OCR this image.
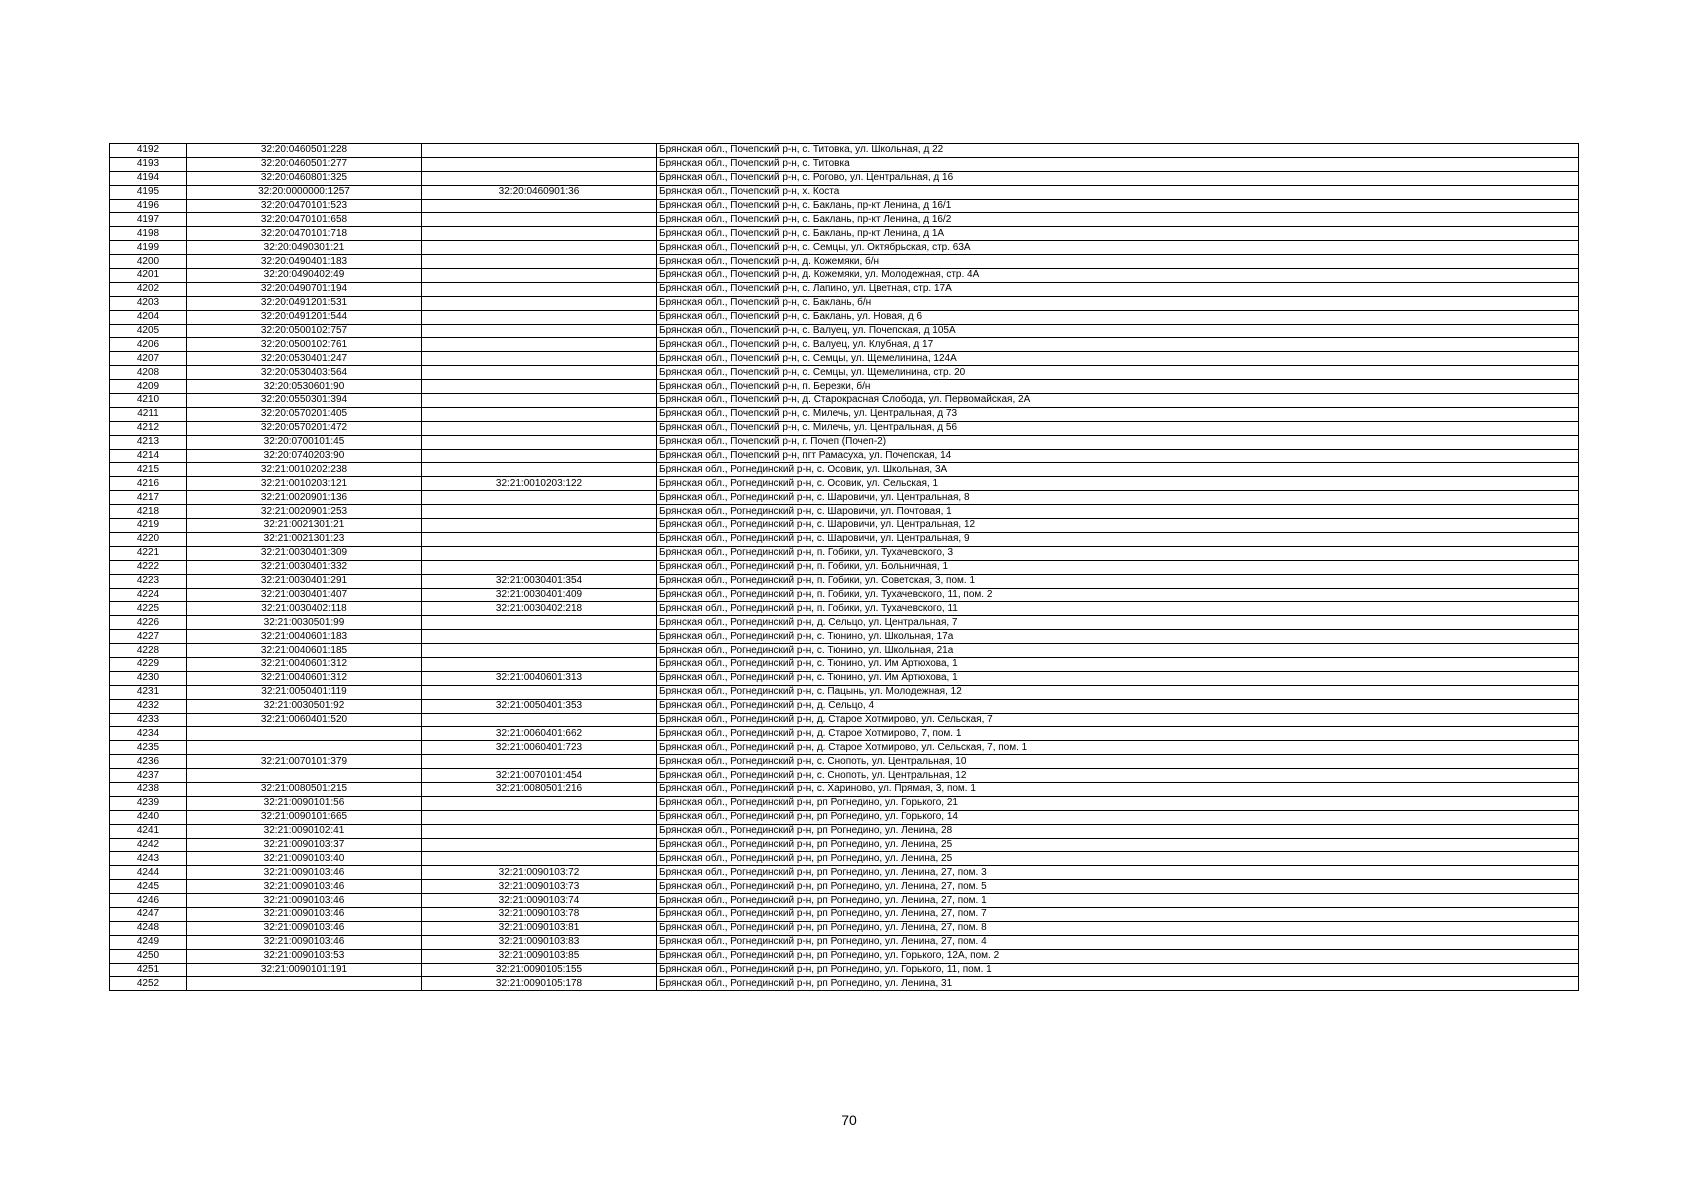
4192	32:20:0460501:228		Брянская обл., Почепский р-н, с. Титовка, ул. Школьная, д 22
4193	32:20:0460501:277		Брянская обл., Почепский р-н, с. Титовка
4194	32:20:0460801:325		Брянская обл., Почепский р-н, с. Рогово, ул. Центральная, д 16
4195	32:20:0000000:1257	32:20:0460901:36	Брянская обл., Почепский р-н, х. Коста
4196	32:20:0470101:523		Брянская обл., Почепский р-н, с. Баклань, пр-кт Ленина, д 16/1
4197	32:20:0470101:658		Брянская обл., Почепский р-н, с. Баклань, пр-кт Ленина, д 16/2
4198	32:20:0470101:718		Брянская обл., Почепский р-н, с. Баклань, пр-кт Ленина, д 1А
4199	32:20:0490301:21		Брянская обл., Почепский р-н, с. Семцы, ул. Октябрьская, стр. 63А
4200	32:20:0490401:183		Брянская обл., Почепский р-н, д. Кожемяки, б/н
4201	32:20:0490402:49		Брянская обл., Почепский р-н, д. Кожемяки, ул. Молодежная, стр. 4А
4202	32:20:0490701:194		Брянская обл., Почепский р-н, с. Лапино, ул. Цветная, стр. 17А
4203	32:20:0491201:531		Брянская обл., Почепский р-н, с. Баклань, б/н
4204	32:20:0491201:544		Брянская обл., Почепский р-н, с. Баклань, ул. Новая, д 6
4205	32:20:0500102:757		Брянская обл., Почепский р-н, с. Валуец, ул. Почепская, д 105А
4206	32:20:0500102:761		Брянская обл., Почепский р-н, с. Валуец, ул. Клубная, д 17
4207	32:20:0530401:247		Брянская обл., Почепский р-н, с. Семцы, ул. Щемелинина, 124А
4208	32:20:0530403:564		Брянская обл., Почепский р-н, с. Семцы, ул. Щемелинина, стр. 20
4209	32:20:0530601:90		Брянская обл., Почепский р-н, п. Березки, б/н
4210	32:20:0550301:394		Брянская обл., Почепский р-н, д. Старокрасная Слобода, ул. Первомайская, 2А
4211	32:20:0570201:405		Брянская обл., Почепский р-н, с. Милечь, ул. Центральная, д 73
4212	32:20:0570201:472		Брянская обл., Почепский р-н, с. Милечь, ул. Центральная, д 56
4213	32:20:0700101:45		Брянская обл., Почепский р-н, г. Почеп (Почеп-2)
4214	32:20:0740203:90		Брянская обл., Почепский р-н, пгт Рамасуха, ул. Почепская, 14
4215	32:21:0010202:238		Брянская обл., Рогнединский р-н, с. Осовик, ул. Школьная, 3А
4216	32:21:0010203:121	32:21:0010203:122	Брянская обл., Рогнединский р-н, с. Осовик, ул. Сельская, 1
4217	32:21:0020901:136		Брянская обл., Рогнединский р-н, с. Шаровичи, ул. Центральная, 8
4218	32:21:0020901:253		Брянская обл., Рогнединский р-н, с. Шаровичи, ул. Почтовая, 1
4219	32:21:0021301:21		Брянская обл., Рогнединский р-н, с. Шаровичи, ул. Центральная, 12
4220	32:21:0021301:23		Брянская обл., Рогнединский р-н, с. Шаровичи, ул. Центральная, 9
4221	32:21:0030401:309		Брянская обл., Рогнединский р-н, п. Гобики, ул. Тухачевского, 3
4222	32:21:0030401:332		Брянская обл., Рогнединский р-н, п. Гобики, ул. Больничная, 1
4223	32:21:0030401:291	32:21:0030401:354	Брянская обл., Рогнединский р-н, п. Гобики, ул. Советская, 3, пом. 1
4224	32:21:0030401:407	32:21:0030401:409	Брянская обл., Рогнединский р-н, п. Гобики, ул. Тухачевского, 11, пом. 2
4225	32:21:0030402:118	32:21:0030402:218	Брянская обл., Рогнединский р-н, п. Гобики, ул. Тухачевского, 11
4226	32:21:0030501:99		Брянская обл., Рогнединский р-н, д. Сельцо, ул. Центральная, 7
4227	32:21:0040601:183		Брянская обл., Рогнединский р-н, с. Тюнино, ул. Школьная, 17а
4228	32:21:0040601:185		Брянская обл., Рогнединский р-н, с. Тюнино, ул. Школьная, 21а
4229	32:21:0040601:312		Брянская обл., Рогнединский р-н, с. Тюнино, ул. Им Артюхова, 1
4230	32:21:0040601:312	32:21:0040601:313	Брянская обл., Рогнединский р-н, с. Тюнино, ул. Им Артюхова, 1
4231	32:21:0050401:119		Брянская обл., Рогнединский р-н, с. Пацынь, ул. Молодежная, 12
4232	32:21:0030501:92	32:21:0050401:353	Брянская обл., Рогнединский р-н, д. Сельцо, 4
4233	32:21:0060401:520		Брянская обл., Рогнединский р-н, д. Старое Хотмирово, ул. Сельская, 7
4234		32:21:0060401:662	Брянская обл., Рогнединский р-н, д. Старое Хотмирово, 7, пом. 1
4235		32:21:0060401:723	Брянская обл., Рогнединский р-н, д. Старое Хотмирово, ул. Сельская, 7, пом. 1
4236	32:21:0070101:379		Брянская обл., Рогнединский р-н, с. Снопоть, ул. Центральная, 10
4237		32:21:0070101:454	Брянская обл., Рогнединский р-н, с. Снопоть, ул. Центральная, 12
4238	32:21:0080501:215	32:21:0080501:216	Брянская обл., Рогнединский р-н, с. Хариново, ул. Прямая, 3, пом. 1
4239	32:21:0090101:56		Брянская обл., Рогнединский р-н, рп Рогнедино, ул. Горького, 21
4240	32:21:0090101:665		Брянская обл., Рогнединский р-н, рп Рогнедино, ул. Горького, 14
4241	32:21:0090102:41		Брянская обл., Рогнединский р-н, рп Рогнедино, ул. Ленина, 28
4242	32:21:0090103:37		Брянская обл., Рогнединский р-н, рп Рогнедино, ул. Ленина, 25
4243	32:21:0090103:40		Брянская обл., Рогнединский р-н, рп Рогнедино, ул. Ленина, 25
4244	32:21:0090103:46	32:21:0090103:72	Брянская обл., Рогнединский р-н, рп Рогнедино, ул. Ленина, 27, пом. 3
4245	32:21:0090103:46	32:21:0090103:73	Брянская обл., Рогнединский р-н, рп Рогнедино, ул. Ленина, 27, пом. 5
4246	32:21:0090103:46	32:21:0090103:74	Брянская обл., Рогнединский р-н, рп Рогнедино, ул. Ленина, 27, пом. 1
4247	32:21:0090103:46	32:21:0090103:78	Брянская обл., Рогнединский р-н, рп Рогнедино, ул. Ленина, 27, пом. 7
4248	32:21:0090103:46	32:21:0090103:81	Брянская обл., Рогнединский р-н, рп Рогнедино, ул. Ленина, 27, пом. 8
4249	32:21:0090103:46	32:21:0090103:83	Брянская обл., Рогнединский р-н, рп Рогнедино, ул. Ленина, 27, пом. 4
4250	32:21:0090103:53	32:21:0090103:85	Брянская обл., Рогнединский р-н, рп Рогнедино, ул. Горького, 12А, пом. 2
4251	32:21:0090101:191	32:21:0090105:155	Брянская обл., Рогнединский р-н, рп Рогнедино, ул. Горького, 11, пом. 1
4252		32:21:0090105:178	Брянская обл., Рогнединский р-н, рп Рогнедино, ул. Ленина, 31
70
